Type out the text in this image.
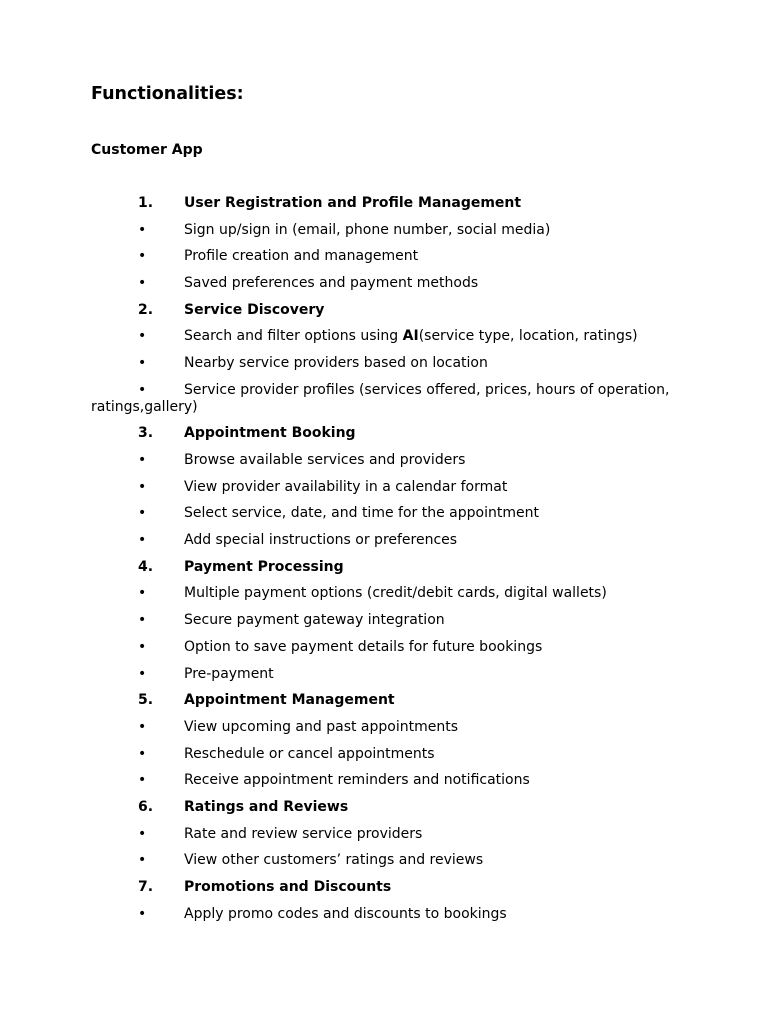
Functionalities:
Customer App
1. User Registration and Profile Management
•	Sign up/sign in (email, phone number, social media)
•	Profile creation and management
•	Saved preferences and payment methods
2. Service Discovery
•	Search and filter options using AI(service type, location, ratings)
•	Nearby service providers based on location
•	Service provider profiles (services offered, prices, hours of operation,
ratings,gallery)
3. Appointment Booking
•	Browse available services and providers
•	View provider availability in a calendar format
•	Select service, date, and time for the appointment
•	Add special instructions or preferences
4. Payment Processing
•	Multiple payment options (credit/debit cards, digital wallets)
•	Secure payment gateway integration
•	Option to save payment details for future bookings
•	Pre-payment
5. Appointment Management
•	View upcoming and past appointments
•	Reschedule or cancel appointments
•	Receive appointment reminders and notifications
6. Ratings and Reviews
•	Rate and review service providers
•	View other customers’ ratings and reviews
7. Promotions and Discounts
•	Apply promo codes and discounts to bookings
